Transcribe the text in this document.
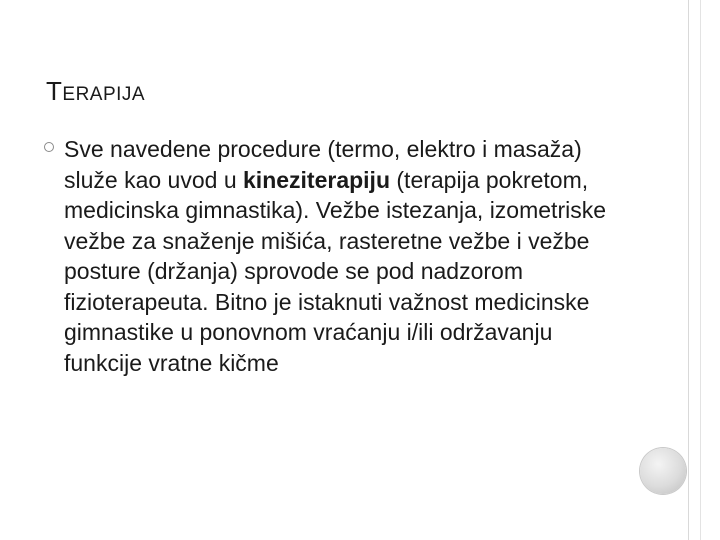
TERAPIJA
Sve navedene procedure (termo, elektro i masaža) služe kao uvod u kineziterapiju (terapija pokretom, medicinska gimnastika). Vežbe istezanja, izometriske vežbe za snaženje mišića, rasteretne vežbe i vežbe posture (držanja) sprovode se pod nadzorom fizioterapeuta. Bitno je istaknuti važnost medicinske gimnastike u ponovnom vraćanju i/ili održavanju funkcije vratne kičme
